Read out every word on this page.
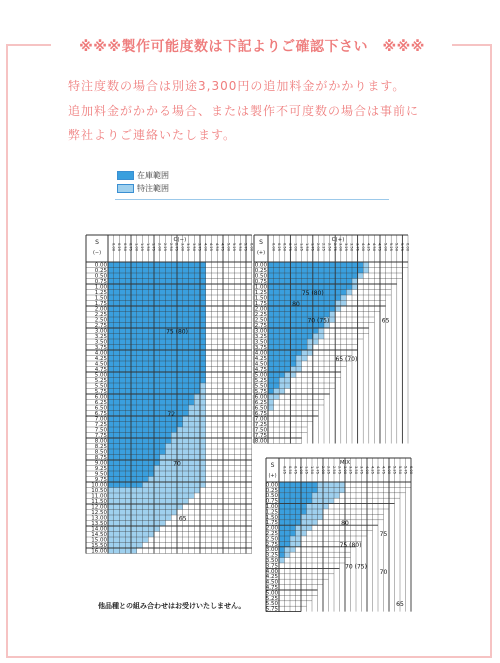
※※※製作可能度数は下記よりご確認下さい　※※※
特注度数の場合は別途3,300円の追加料金がかかります。
追加料金がかかる場合、または製作不可度数の場合は事前に
弊社よりご連絡いたします。
在庫範囲
特注範囲
S
(−)
C(−)
0.00
0.25
0.50
0.75
1.00
1.25
1.50
1.75
2.00
2.25
2.50
2.75
3.00
3.25
3.50
3.75
4.00
4.25
4.50
4.75
5.00
5.25
5.50
5.75
6.00
6.25
6.50
6.75
7.00
7.25
7.50
7.75
8.00
8.25
8.50
8.75
9.00
9.25
9.50
9.75
10.00
10.50
11.00
11.50
12.00
12.50
13.00
13.50
14.00
14.50
15.00
15.50
16.00
0.00 0.25 0.50 0.75 1.00 1.25 1.50 1.75 2.00 2.25 2.50 2.75 3.00 3.25 3.50 3.75 4.00 4.25 4.50 4.75 5.00 5.25 5.50 5.75 6.00
75 (80)
72
70
65
S
(+)
C(+)
0.00
0.25
0.50
0.75
1.00
1.25
1.50
1.75
2.00
2.25
2.50
2.75
3.00
3.25
3.50
3.75
4.00
4.25
4.50
4.75
5.00
5.25
5.50
5.75
6.00
6.25
6.50
6.75
7.00
7.25
7.50
7.75
8.00
0.00 0.25 0.50 0.75 1.00 1.25 1.50 1.75 2.00 2.25 2.50 2.75 3.00 3.25 3.50 3.75 4.00 4.25 4.50 4.75 5.00 5.25 5.50 5.75 6.00
80
75 (80)
70 (75)
65 (70)
65
S
(+)
MIX
0.00
0.25
0.50
0.75
1.00
1.25
1.50
1.75
2.00
2.25
2.50
2.75
3.00
3.25
3.50
3.75
4.00
4.25
4.50
4.75
5.00
5.25
5.50
5.75
0.25 0.50 0.75 1.00 1.25 1.50 1.75 2.00 2.25 2.50 2.75 3.00 3.25 3.50 3.75 4.00 4.25 4.50 4.75 5.00 5.25 5.50 5.75 6.00
80
75
75 (80)
70 (75)
70
65
他品種との組み合わせはお受けいたしません。
